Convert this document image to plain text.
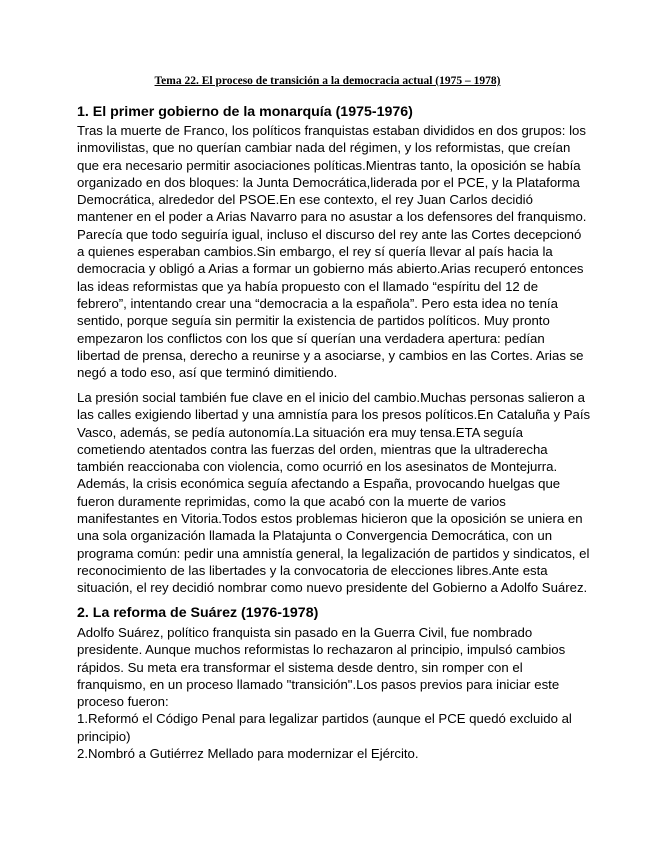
Tema 22. El proceso de transición a la democracia actual (1975 – 1978)
1. El primer gobierno de la monarquía (1975-1976)

Tras la muerte de Franco, los políticos franquistas estaban divididos en dos grupos: los
inmovilistas, que no querían cambiar nada del régimen, y los reformistas, que creían
que era necesario permitir asociaciones políticas.Mientras tanto, la oposición se había
organizado en dos bloques: la Junta Democrática,liderada por el PCE, y la Plataforma
Democrática, alrededor del PSOE.En ese contexto, el rey Juan Carlos decidió
mantener en el poder a Arias Navarro para no asustar a los defensores del franquismo.
Parecía que todo seguiría igual, incluso el discurso del rey ante las Cortes decepcionó
a quienes esperaban cambios.Sin embargo, el rey sí quería llevar al país hacia la
democracia y obligó a Arias a formar un gobierno más abierto.Arias recuperó entonces
las ideas reformistas que ya había propuesto con el llamado “espíritu del 12 de
febrero”, intentando crear una “democracia a la española”. Pero esta idea no tenía
sentido, porque seguía sin permitir la existencia de partidos políticos. Muy pronto
empezaron los conflictos con los que sí querían una verdadera apertura: pedían
libertad de prensa, derecho a reunirse y a asociarse, y cambios en las Cortes. Arias se
negó a todo eso, así que terminó dimitiendo.

La presión social también fue clave en el inicio del cambio.Muchas personas salieron a
las calles exigiendo libertad y una amnistía para los presos políticos.En Cataluña y País
Vasco, además, se pedía autonomía.La situación era muy tensa.ETA seguía
cometiendo atentados contra las fuerzas del orden, mientras que la ultraderecha
también reaccionaba con violencia, como ocurrió en los asesinatos de Montejurra.
Además, la crisis económica seguía afectando a España, provocando huelgas que
fueron duramente reprimidas, como la que acabó con la muerte de varios
manifestantes en Vitoria.Todos estos problemas hicieron que la oposición se uniera en
una sola organización llamada la Platajunta o Convergencia Democrática, con un
programa común: pedir una amnistía general, la legalización de partidos y sindicatos, el
reconocimiento de las libertades y la convocatoria de elecciones libres.Ante esta
situación, el rey decidió nombrar como nuevo presidente del Gobierno a Adolfo Suárez.

2. La reforma de Suárez (1976-1978)

Adolfo Suárez, político franquista sin pasado en la Guerra Civil, fue nombrado
presidente. Aunque muchos reformistas lo rechazaron al principio, impulsó cambios
rápidos. Su meta era transformar el sistema desde dentro, sin romper con el
franquismo, en un proceso llamado "transición".Los pasos previos para iniciar este
proceso fueron:
1.Reformó el Código Penal para legalizar partidos (aunque el PCE quedó excluido al
principio)
2.Nombró a Gutiérrez Mellado para modernizar el Ejército.
